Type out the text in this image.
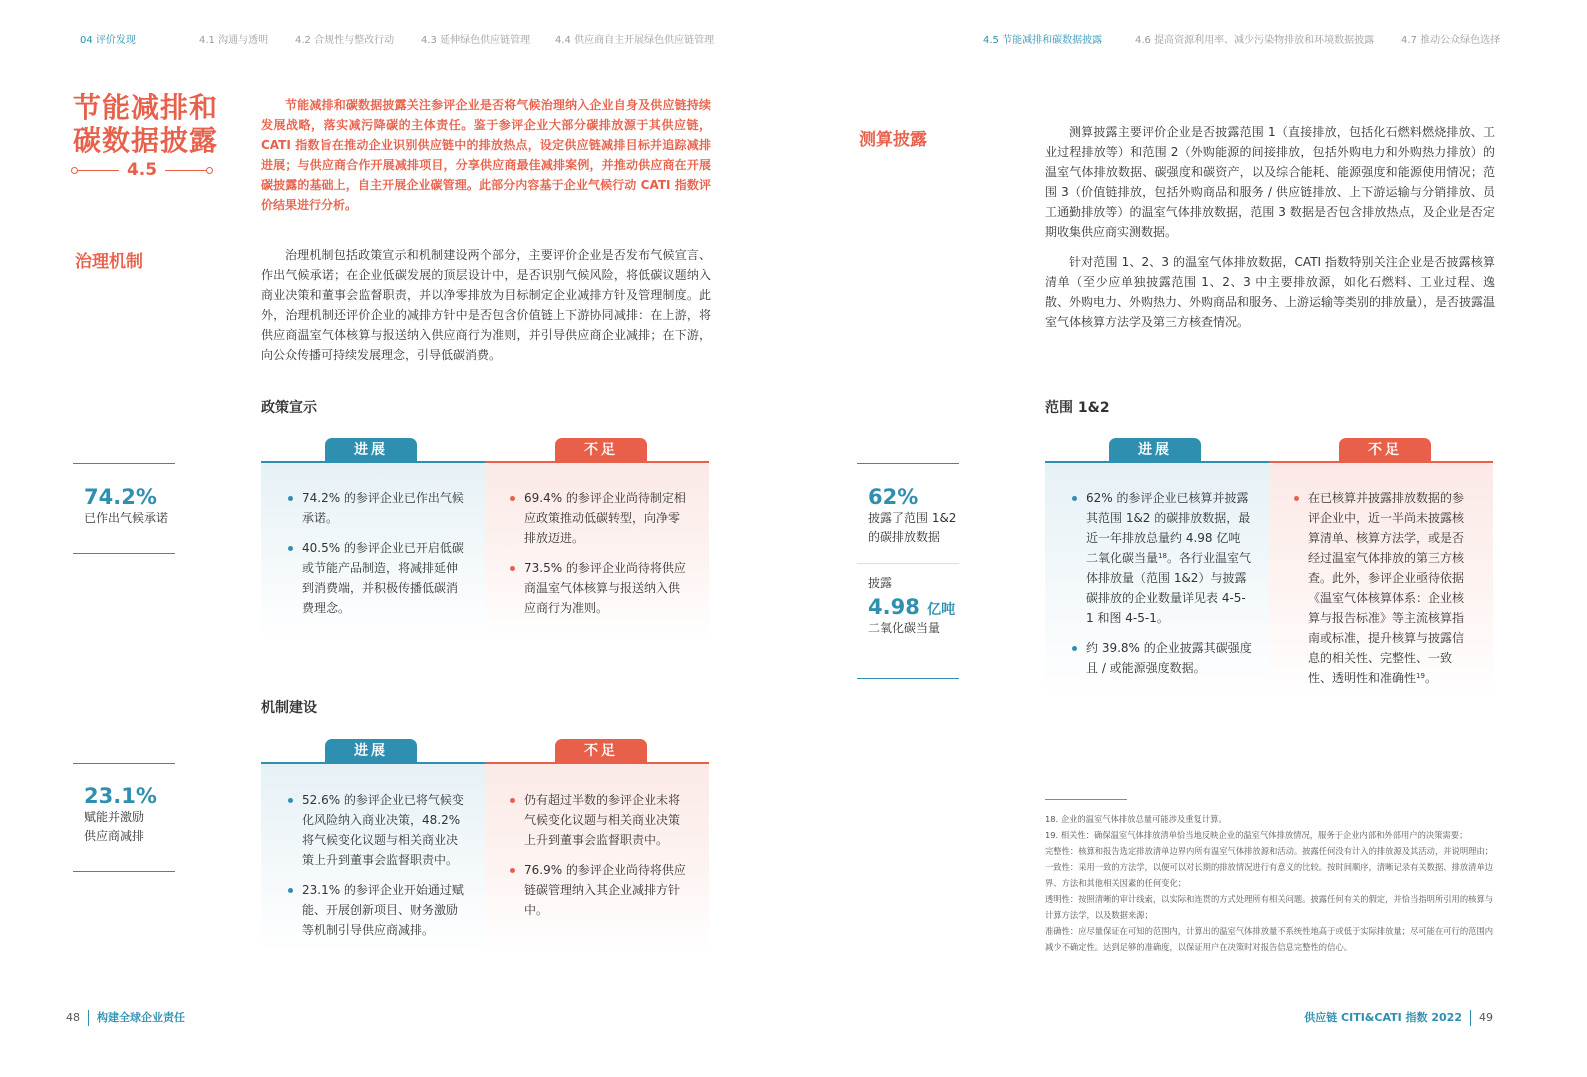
04 评价发现	4.1 沟通与透明	4.2 合规性与整改行动	4.3 延伸绿色供应链管理 4.4 供应商自主开展绿色供应链管理	4.5 节能减排和碳数据披露	4.6 提高资源利用率、减少污染物排放和环境数据披露	4.7 推动公众绿色选择
节能减排和
碳数据披露
4.5
节能减排和碳数据披露关注参评企业是否将气候治理纳入企业自身及供应链持续发展战略，落实减污降碳的主体责任。鉴于参评企业大部分碳排放源于其供应链，CATI 指数旨在推动企业识别供应链中的排放热点，设定供应链减排目标并追踪减排进展；与供应商合作开展减排项目，分享供应商最佳减排案例，并推动供应商在开展碳披露的基础上，自主开展企业碳管理。此部分内容基于企业气候行动 CATI 指数评价结果进行分析。
治理机制	治理机制包括政策宣示和机制建设两个部分，主要评价企业是否发布气候宣言、作出气候承诺；在企业低碳发展的顶层设计中，是否识别气候风险，将低碳议题纳入商业决策和董事会监督职责，并以净零排放为目标制定企业减排方针及管理制度。此外，治理机制还评价企业的减排方针中是否包含价值链上下游协同减排：在上游，将供应商温室气体核算与报送纳入供应商行为准则，并引导供应商企业减排；在下游，向公众传播可持续发展理念，引导低碳消费。
政策宣示
74.2%
已作出气候承诺
进展	不足
74.2% 的参评企业已作出气候承诺。
40.5% 的参评企业已开启低碳或节能产品制造，将减排延伸到消费端，并积极传播低碳消费理念。
69.4% 的参评企业尚待制定相应政策推动低碳转型，向净零排放迈进。
73.5% 的参评企业尚待将供应商温室气体核算与报送纳入供应商行为准则。
机制建设
23.1%
赋能并激励
供应商减排
进展	不足
52.6% 的参评企业已将气候变化风险纳入商业决策，48.2% 将气候变化议题与相关商业决策上升到董事会监督职责中。
23.1% 的参评企业开始通过赋能、开展创新项目、财务激励等机制引导供应商减排。
仍有超过半数的参评企业未将气候变化议题与相关商业决策上升到董事会监督职责中。
76.9% 的参评企业尚待将供应链碳管理纳入其企业减排方针中。
测算披露	测算披露主要评价企业是否披露范围 1（直接排放，包括化石燃料燃烧排放、工业过程排放等）和范围 2（外购能源的间接排放，包括外购电力和外购热力排放）的温室气体排放数据、碳强度和碳资产，以及综合能耗、能源强度和能源使用情况；范围 3（价值链排放，包括外购商品和服务 / 供应链排放、上下游运输与分销排放、员工通勤排放等）的温室气体排放数据，范围 3 数据是否包含排放热点，及企业是否定期收集供应商实测数据。
针对范围 1、2、3 的温室气体排放数据，CATI 指数特别关注企业是否披露核算清单（至少应单独披露范围 1、2、3 中主要排放源，如化石燃料、工业过程、逸散、外购电力、外购热力、外购商品和服务、上游运输等类别的排放量），是否披露温室气体核算方法学及第三方核查情况。
范围 1&2
62%
披露了范围 1&2
的碳排放数据
披露
4.98 亿吨
二氧化碳当量
进展	不足
62% 的参评企业已核算并披露其范围 1&2 的碳排放数据，最近一年排放总量约 4.98 亿吨二氧化碳当量$^{18}$。各行业温室气体排放量（范围 1&2）与披露碳排放的企业数量详见表 4-5-1 和图 4-5-1。
约 39.8% 的企业披露其碳强度且 / 或能源强度数据。
在已核算并披露排放数据的参评企业中，近一半尚未披露核算清单、核算方法学，或是否经过温室气体排放的第三方核查。此外，参评企业亟待依据《温室气体核算体系：企业核算与报告标准》等主流核算指南或标准，提升核算与披露信息的相关性、完整性、一致性、透明性和准确性$^{19}$。
18. 企业的温室气体排放总量可能涉及重复计算。
19. 相关性：确保温室气体排放清单恰当地反映企业的温室气体排放情况，服务于企业内部和外部用户的决策需要；
完整性：核算和报告选定排放清单边界内所有温室气体排放源和活动。披露任何没有计入的排放源及其活动，并说明理由；
一致性：采用一致的方法学，以便可以对长期的排放情况进行有意义的比较。按时间顺序，清晰记录有关数据、排放清单边界、方法和其他相关因素的任何变化；
透明性：按照清晰的审计线索，以实际和连贯的方式处理所有相关问题。披露任何有关的假定，并恰当指明所引用的核算与计算方法学，以及数据来源；
准确性：应尽量保证在可知的范围内，计算出的温室气体排放量不系统性地高于或低于实际排放量；尽可能在可行的范围内减少不确定性。达到足够的准确度，以保证用户在决策时对报告信息完整性的信心。
48 构建全球企业责任	供应链 CITI&CATI 指数 2022 49
